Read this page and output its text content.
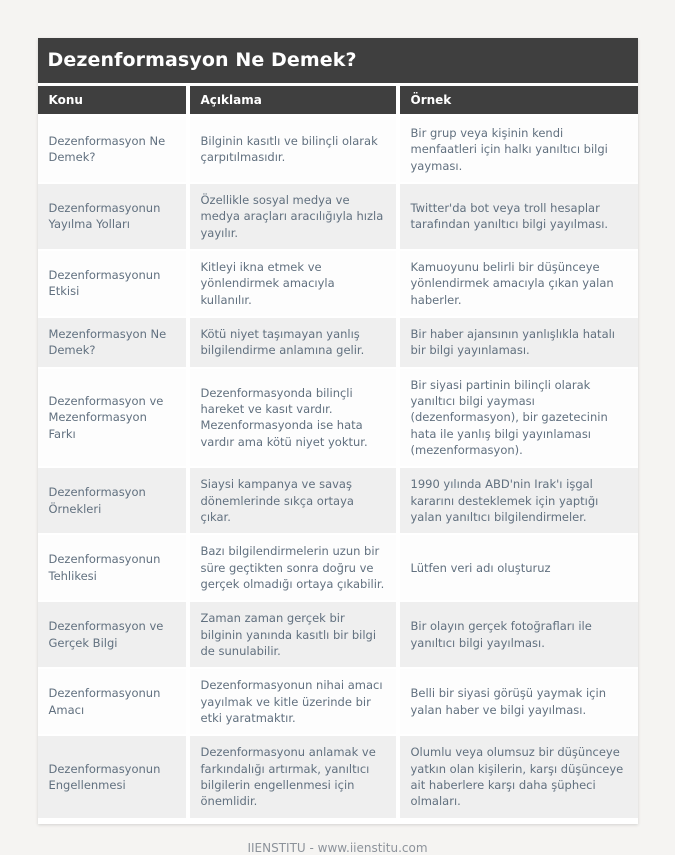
Dezenformasyon Ne Demek?
Konu	Açıklama	Örnek
Dezenformasyon Ne Demek?	Bilginin kasıtlı ve bilinçli olarak çarpıtılmasıdır.	Bir grup veya kişinin kendi menfaatleri için halkı yanıltıcı bilgi yayması.
Dezenformasyonun Yayılma Yolları	Özellikle sosyal medya ve medya araçları aracılığıyla hızla yayılır.	Twitter'da bot veya troll hesaplar tarafından yanıltıcı bilgi yayılması.
Dezenformasyonun Etkisi	Kitleyi ikna etmek ve yönlendirmek amacıyla kullanılır.	Kamuoyunu belirli bir düşünceye yönlendirmek amacıyla çıkan yalan haberler.
Mezenformasyon Ne Demek?	Kötü niyet taşımayan yanlış bilgilendirme anlamına gelir.	Bir haber ajansının yanlışlıkla hatalı bir bilgi yayınlaması.
Dezenformasyon ve Mezenformasyon Farkı	Dezenformasyonda bilinçli hareket ve kasıt vardır. Mezenformasyonda ise hata vardır ama kötü niyet yoktur.	Bir siyasi partinin bilinçli olarak yanıltıcı bilgi yayması (dezenformasyon), bir gazetecinin hata ile yanlış bilgi yayınlaması (mezenformasyon).
Dezenformasyon Örnekleri	Siaysi kampanya ve savaş dönemlerinde sıkça ortaya çıkar.	1990 yılında ABD'nin Irak'ı işgal kararını desteklemek için yaptığı yalan yanıltıcı bilgilendirmeler.
Dezenformasyonun Tehlikesi	Bazı bilgilendirmelerin uzun bir süre geçtikten sonra doğru ve gerçek olmadığı ortaya çıkabilir.	Lütfen veri adı oluşturuz
Dezenformasyon ve Gerçek Bilgi	Zaman zaman gerçek bir bilginin yanında kasıtlı bir bilgi de sunulabilir.	Bir olayın gerçek fotoğrafları ile yanıltıcı bilgi yayılması.
Dezenformasyonun Amacı	Dezenformasyonun nihai amacı yayılmak ve kitle üzerinde bir etki yaratmaktır.	Belli bir siyasi görüşü yaymak için yalan haber ve bilgi yayılması.
Dezenformasyonun Engellenmesi	Dezenformasyonu anlamak ve farkındalığı artırmak, yanıltıcı bilgilerin engellenmesi için önemlidir.	Olumlu veya olumsuz bir düşünceye yatkın olan kişilerin, karşı düşünceye ait haberlere karşı daha şüpheci olmaları.
IIENSTITU - www.iienstitu.com
